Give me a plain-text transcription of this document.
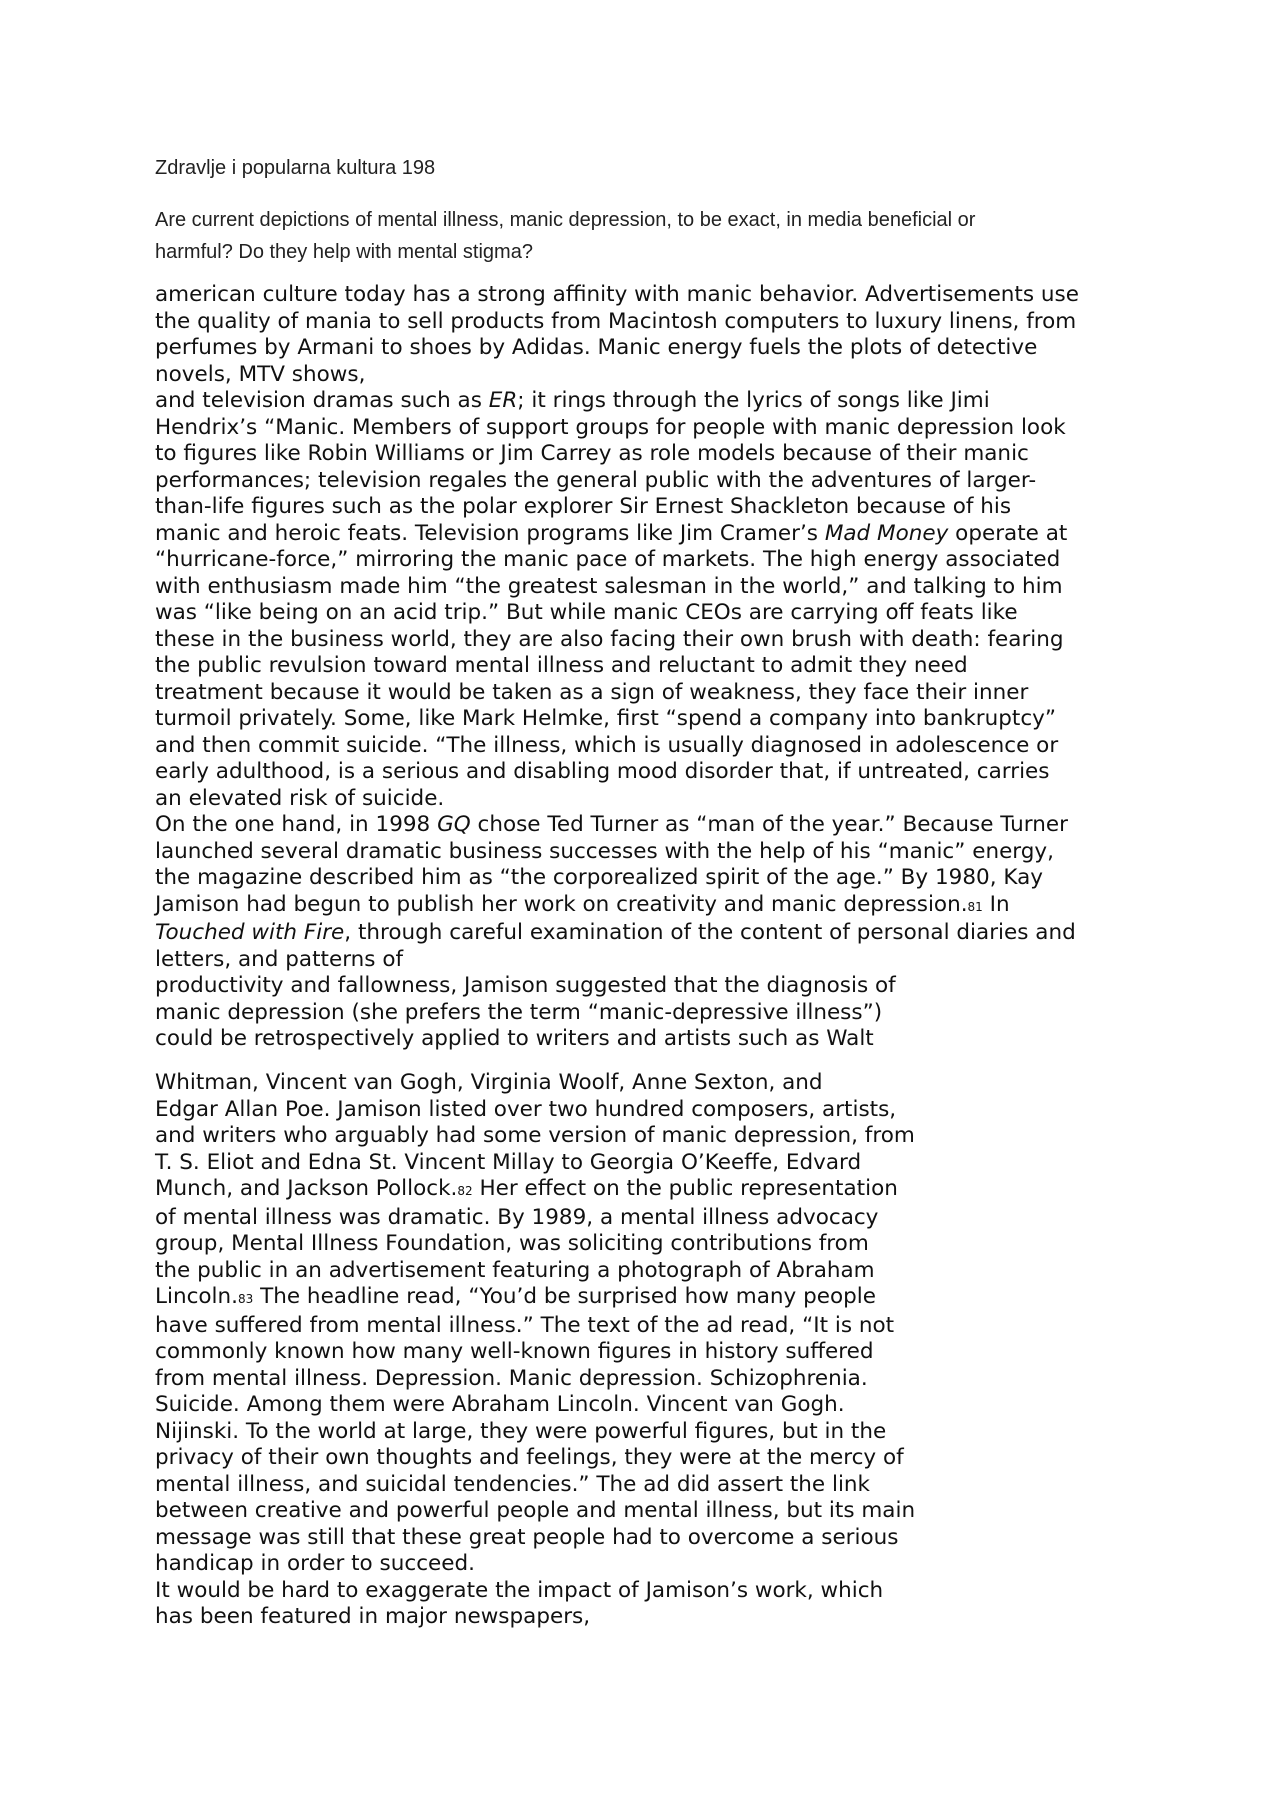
Zdravlje i popularna kultura 198
Are current depictions of mental illness, manic depression, to be exact, in media beneficial or
harmful? Do they help with mental stigma?
american culture today has a strong affinity with manic behavior. Advertisements use
the quality of mania to sell products from Macintosh computers to luxury linens, from
perfumes by Armani to shoes by Adidas. Manic energy fuels the plots of detective
novels, MTV shows,
and television dramas such as ER; it rings through the lyrics of songs like Jimi
Hendrix’s “Manic. Members of support groups for people with manic depression look
to figures like Robin Williams or Jim Carrey as role models because of their manic
performances; television regales the general public with the adventures of larger-
than-life figures such as the polar explorer Sir Ernest Shackleton because of his
manic and heroic feats. Television programs like Jim Cramer’s Mad Money operate at
“hurricane-force,” mirroring the manic pace of markets. The high energy associated
with enthusiasm made him “the greatest salesman in the world,” and talking to him
was “like being on an acid trip.” But while manic CEOs are carrying off feats like
these in the business world, they are also facing their own brush with death: fearing
the public revulsion toward mental illness and reluctant to admit they need
treatment because it would be taken as a sign of weakness, they face their inner
turmoil privately. Some, like Mark Helmke, first “spend a company into bankruptcy”
and then commit suicide. “The illness, which is usually diagnosed in adolescence or
early adulthood, is a serious and disabling mood disorder that, if untreated, carries
an elevated risk of suicide.
On the one hand, in 1998 GQ chose Ted Turner as “man of the year.” Because Turner
launched several dramatic business successes with the help of his “manic” energy,
the magazine described him as “the corporealized spirit of the age.” By 1980, Kay
Jamison had begun to publish her work on creativity and manic depression.81 In
Touched with Fire, through careful examination of the content of personal diaries and
letters, and patterns of
productivity and fallowness, Jamison suggested that the diagnosis of
manic depression (she prefers the term “manic-depressive illness”)
could be retrospectively applied to writers and artists such as Walt
Whitman, Vincent van Gogh, Virginia Woolf, Anne Sexton, and
Edgar Allan Poe. Jamison listed over two hundred composers, artists,
and writers who arguably had some version of manic depression, from
T. S. Eliot and Edna St. Vincent Millay to Georgia O’Keeffe, Edvard
Munch, and Jackson Pollock.82 Her effect on the public representation
of mental illness was dramatic. By 1989, a mental illness advocacy
group, Mental Illness Foundation, was soliciting contributions from
the public in an advertisement featuring a photograph of Abraham
Lincoln.83 The headline read, “You’d be surprised how many people
have suffered from mental illness.” The text of the ad read, “It is not
commonly known how many well-known figures in history suffered
from mental illness. Depression. Manic depression. Schizophrenia.
Suicide. Among them were Abraham Lincoln. Vincent van Gogh.
Nijinski. To the world at large, they were powerful figures, but in the
privacy of their own thoughts and feelings, they were at the mercy of
mental illness, and suicidal tendencies.” The ad did assert the link
between creative and powerful people and mental illness, but its main
message was still that these great people had to overcome a serious
handicap in order to succeed.
It would be hard to exaggerate the impact of Jamison’s work, which
has been featured in major newspapers,
